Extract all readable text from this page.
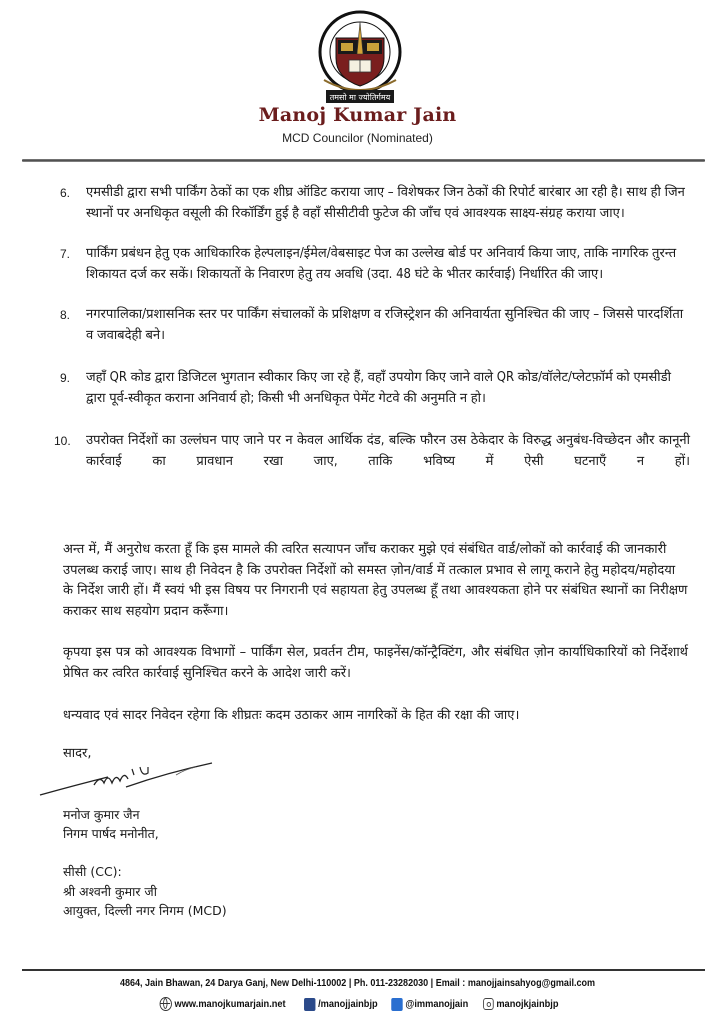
तमसो मा ज्योतिर्गमय
Manoj Kumar Jain
MCD Councilor (Nominated)
6. एमसीडी द्वारा सभी पार्किंग ठेकों का एक शीघ्र ऑडिट कराया जाए – विशेषकर जिन ठेकों की रिपोर्ट बारंबार आ रही है। साथ ही जिन स्थानों पर अनधिकृत वसूली की रिकॉर्डिंग हुई है वहाँ सीसीटीवी फुटेज की जाँच एवं आवश्यक साक्ष्य-संग्रह कराया जाए।
7. पार्किंग प्रबंधन हेतु एक आधिकारिक हेल्पलाइन/ईमेल/वेबसाइट पेज का उल्लेख बोर्ड पर अनिवार्य किया जाए, ताकि नागरिक तुरन्त शिकायत दर्ज कर सकें। शिकायतों के निवारण हेतु तय अवधि (उदा. 48 घंटे के भीतर कार्रवाई) निर्धारित की जाए।
8. नगरपालिका/प्रशासनिक स्तर पर पार्किंग संचालकों के प्रशिक्षण व रजिस्ट्रेशन की अनिवार्यता सुनिश्चित की जाए – जिससे पारदर्शिता व जवाबदेही बने।
9. जहाँ QR कोड द्वारा डिजिटल भुगतान स्वीकार किए जा रहे हैं, वहाँ उपयोग किए जाने वाले QR कोड/वॉलेट/प्लेटफ़ॉर्म को एमसीडी द्वारा पूर्व-स्वीकृत कराना अनिवार्य हो; किसी भी अनधिकृत पेमेंट गेटवे की अनुमति न हो।
10. उपरोक्त निर्देशों का उल्लंघन पाए जाने पर न केवल आर्थिक दंड, बल्कि फौरन उस ठेकेदार के विरुद्ध अनुबंध-विच्छेदन और कानूनी कार्रवाई का प्रावधान रखा जाए, ताकि भविष्य में ऐसी घटनाएँ न हों।
अन्त में, मैं अनुरोध करता हूँ कि इस मामले की त्वरित सत्यापन जाँच कराकर मुझे एवं संबंधित वार्ड/लोकों को कार्रवाई की जानकारी उपलब्ध कराई जाए। साथ ही निवेदन है कि उपरोक्त निर्देशों को समस्त ज़ोन/वार्ड में तत्काल प्रभाव से लागू कराने हेतु महोदय/महोदया के निर्देश जारी हों। मैं स्वयं भी इस विषय पर निगरानी एवं सहायता हेतु उपलब्ध हूँ तथा आवश्यकता होने पर संबंधित स्थानों का निरीक्षण कराकर साथ सहयोग प्रदान करूँगा।
कृपया इस पत्र को आवश्यक विभागों – पार्किंग सेल, प्रवर्तन टीम, फाइनेंस/कॉन्ट्रैक्टिंग, और संबंधित ज़ोन कार्याधिकारियों को निर्देशार्थ प्रेषित कर त्वरित कार्रवाई सुनिश्चित करने के आदेश जारी करें।
धन्यवाद एवं सादर निवेदन रहेगा कि शीघ्रतः कदम उठाकर आम नागरिकों के हित की रक्षा की जाए।
सादर,
मनोज कुमार जैन
निगम पार्षद मनोनीत,
सीसी (CC):
श्री अश्वनी कुमार जी
आयुक्त, दिल्ली नगर निगम (MCD)
4864, Jain Bhawan, 24 Darya Ganj, New Delhi-110002 | Ph. 011-23282030 | Email : manojjainsahyog@gmail.com
www.manojkumarjain.net	/manojjainbjp	@immanojjain	manojkjainbjp
